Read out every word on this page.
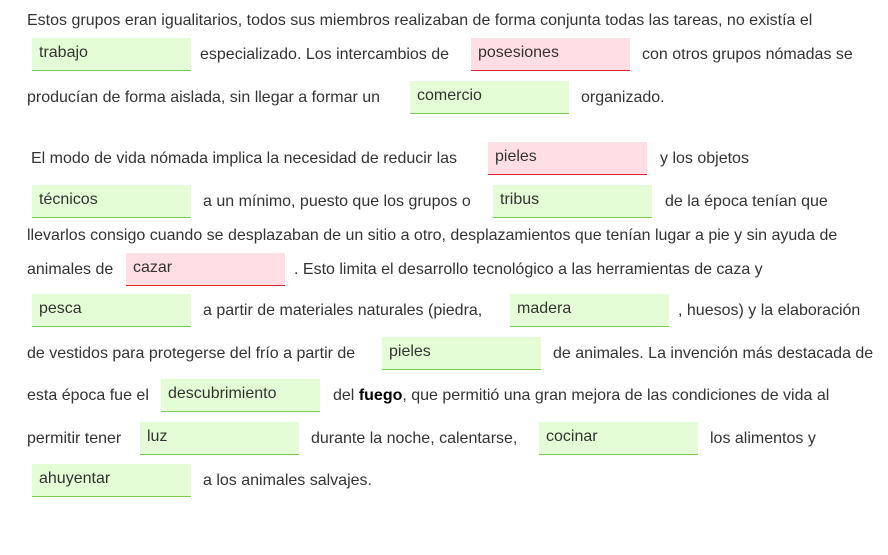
Estos grupos eran igualitarios, todos sus miembros realizaban de forma conjunta todas las tareas, no existía el
trabajo	especializado. Los intercambios de	posesiones	con otros grupos nómadas se
producían de forma aislada, sin llegar a formar un	comercio	organizado.
El modo de vida nómada implica la necesidad de reducir las	pieles	y los objetos
técnicos	a un mínimo, puesto que los grupos o	tribus	de la época tenían que
llevarlos consigo cuando se desplazaban de un sitio a otro, desplazamientos que tenían lugar a pie y sin ayuda de
animales de	cazar	. Esto limita el desarrollo tecnológico a las herramientas de caza y
pesca	a partir de materiales naturales (piedra,	madera	, huesos) y la elaboración
de vestidos para protegerse del frío a partir de	pieles	de animales. La invención más destacada de
esta época fue el	descubrimiento	del fuego, que permitió una gran mejora de las condiciones de vida al
permitir tener	luz	durante la noche, calentarse,	cocinar	los alimentos y
ahuyentar	a los animales salvajes.
